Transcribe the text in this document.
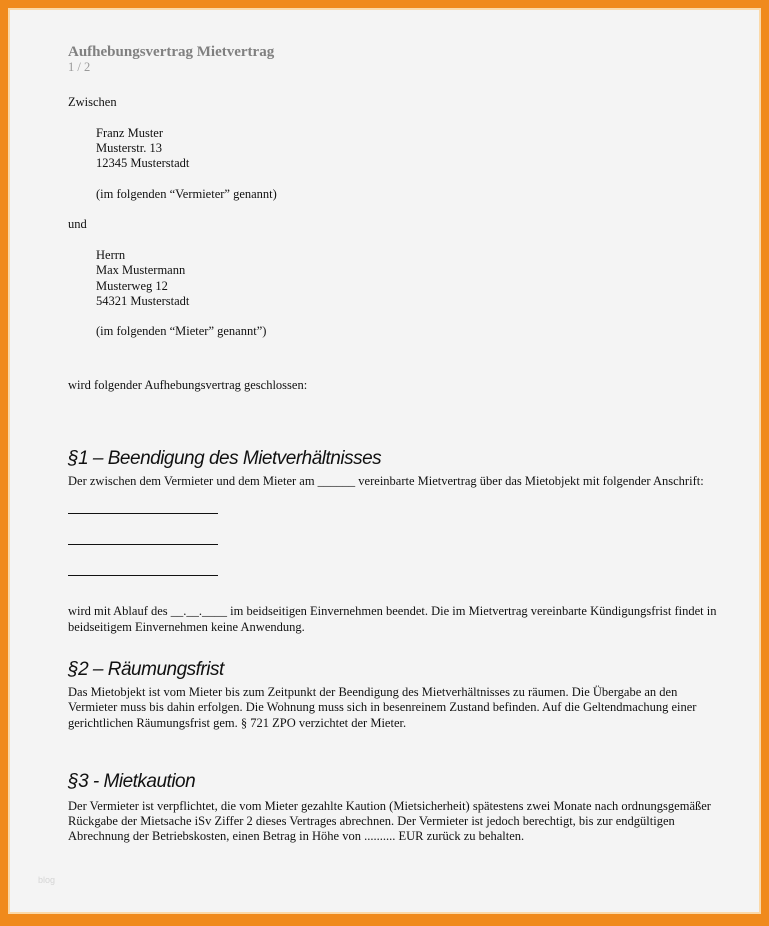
Aufhebungsvertrag Mietvertrag
1 / 2
Zwischen
Franz Muster
Musterstr. 13
12345 Musterstadt
(im folgenden “Vermieter” genannt)
und
Herrn
Max Mustermann
Musterweg 12
54321 Musterstadt
(im folgenden “Mieter” genannt”)
wird folgender Aufhebungsvertrag geschlossen:
§1 – Beendigung des Mietverhältnisses
Der zwischen dem Vermieter und dem Mieter am ______ vereinbarte Mietvertrag über das Mietobjekt mit folgender Anschrift:
wird mit Ablauf des __.__.____ im beidseitigen Einvernehmen beendet. Die im Mietvertrag vereinbarte Kündigungsfrist findet in beidseitigem Einvernehmen keine Anwendung.
§2 – Räumungsfrist
Das Mietobjekt ist vom Mieter bis zum Zeitpunkt der Beendigung des Mietverhältnisses zu räumen. Die Übergabe an den Vermieter muss bis dahin erfolgen. Die Wohnung muss sich in besenreinem Zustand befinden. Auf die Geltendmachung einer gerichtlichen Räumungsfrist gem. § 721 ZPO verzichtet der Mieter.
§3 - Mietkaution
Der Vermieter ist verpflichtet, die vom Mieter gezahlte Kaution (Mietsicherheit) spätestens zwei Monate nach ordnungsgemäßer Rückgabe der Mietsache iSv Ziffer 2 dieses Vertrages abrechnen. Der Vermieter ist jedoch berechtigt, bis zur endgültigen Abrechnung der Betriebskosten, einen Betrag in Höhe von .......... EUR zurück zu behalten.
blog
